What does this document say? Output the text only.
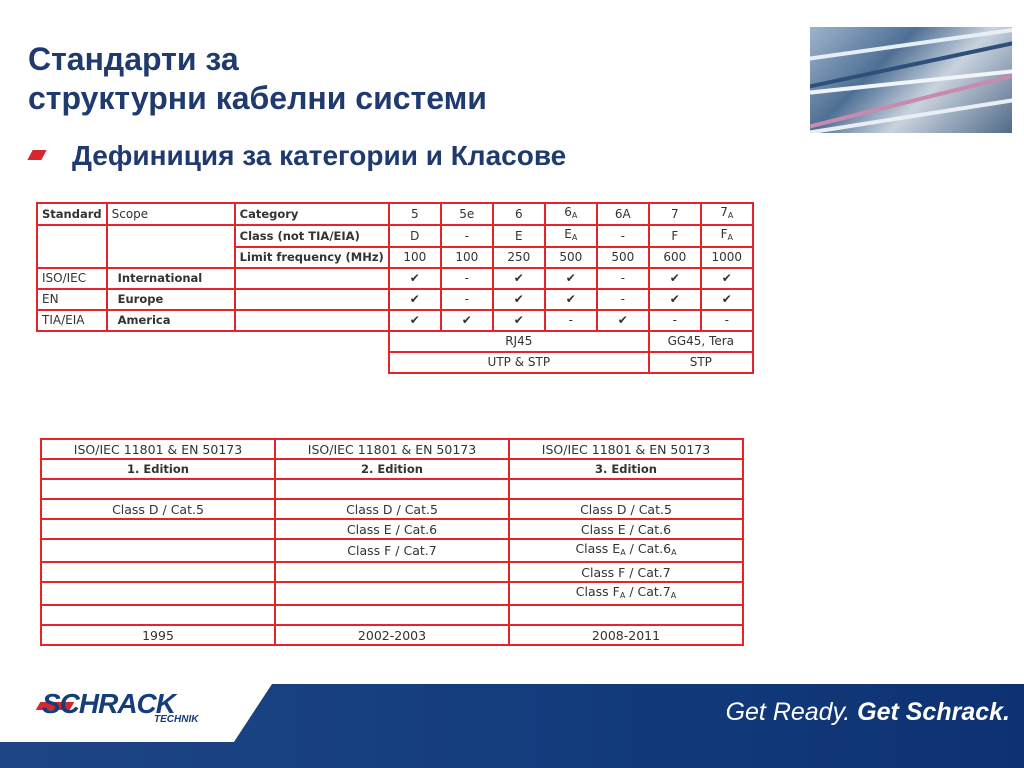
Стандарти за
структурни кабелни системи
Дефиниция за категории и Класове
Standard	Scope	Category	5	5e	6	$6_A$	6A	7	$7_A$
		Class (not TIA/EIA)	D	-	E	$E_A$	-	F	$F_A$
		Limit frequency (MHz)	100	100	250	500	500	600	1000
ISO/IEC	International		✔	-	✔	✔	-	✔	✔
EN	Europe		✔	-	✔	✔	-	✔	✔
TIA/EIA	America		✔	✔	✔	-	✔	-	-
			RJ45					GG45, Tera	
			UTP & STP					STP	
ISO/IEC 11801 & EN 50173	ISO/IEC 11801 & EN 50173	ISO/IEC 11801 & EN 50173
1. Edition	2. Edition	3. Edition

Class D / Cat.5	Class D / Cat.5	Class D / Cat.5
	Class E / Cat.6	Class E / Cat.6
	Class F / Cat.7	Class $E_A / Cat.6_A$
		Class F / Cat.7
		Class $F_A / Cat.7_A$

1995	2002-2003	2008-2011
SCHRACK
TECHNIK	Get Ready. Get Schrack.
